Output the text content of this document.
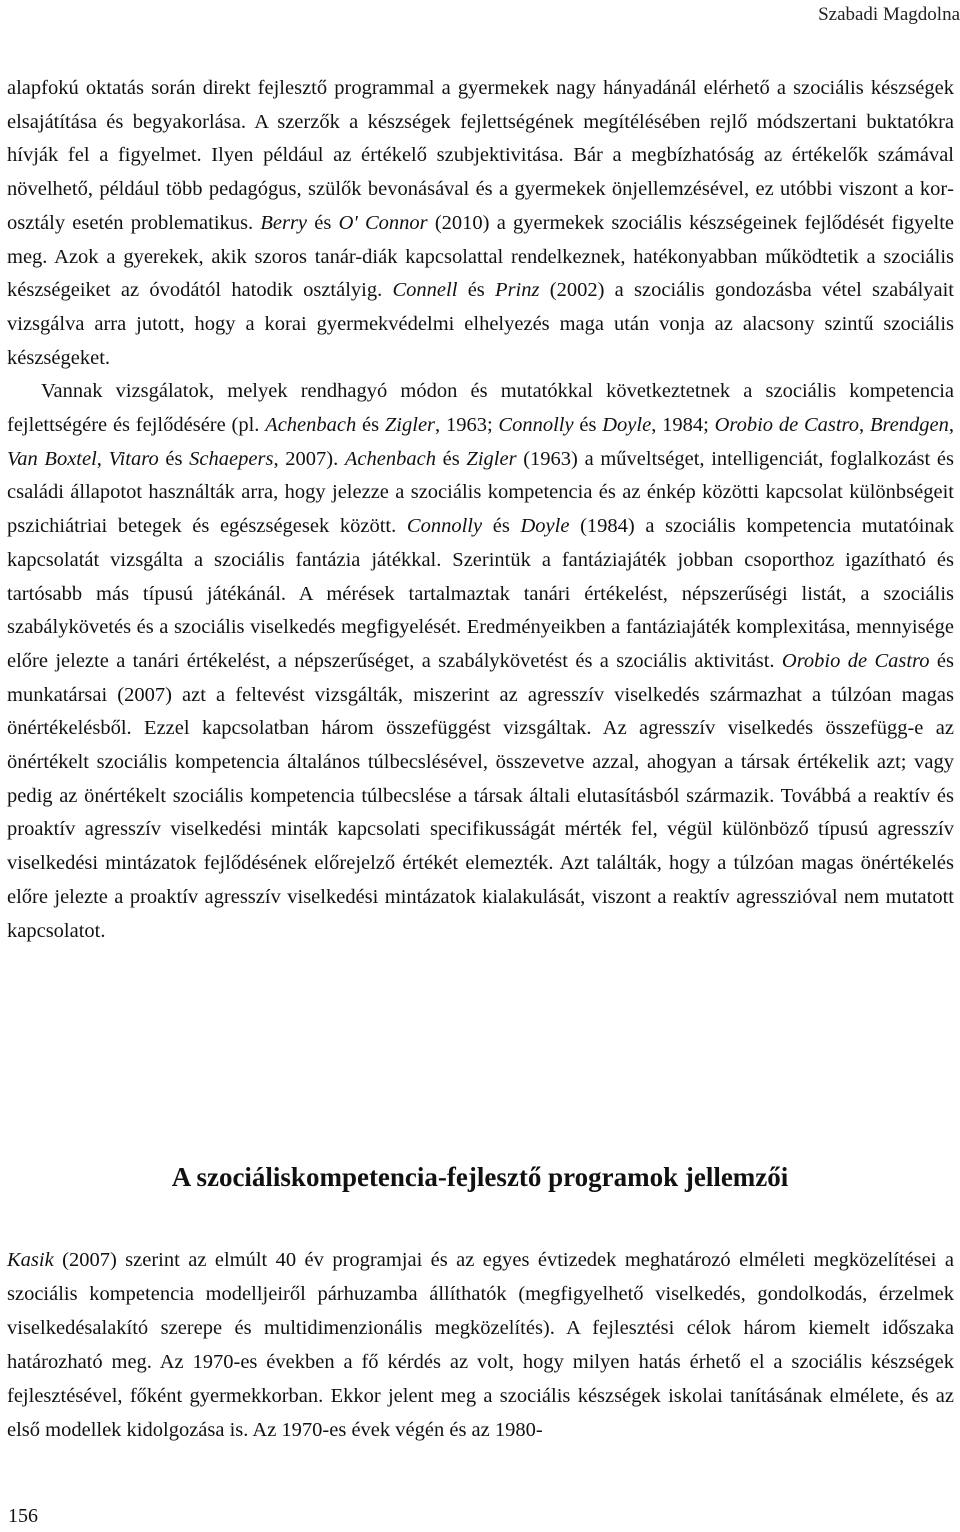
Szabadi Magdolna

alapfokú oktatás során direkt fejlesztő programmal a gyermekek nagy hányadánál elérhető a szociális készségek elsajátítása és begyakorlása. A szerzők a készségek fejlettségének megítélésében rejlő módszertani buktatókra hívják fel a figyelmet. Ilyen például az értékelő szubjektivitása. Bár a megbízhatóság az értékelők számával növelhető, például több pedagógus, szülők bevonásával és a gyermekek önjellemzésével, ez utóbbi viszont a korosztály esetén problematikus. Berry és O' Connor (2010) a gyermekek szociális készségeinek fejlődését figyelte meg. Azok a gyerekek, akik szoros tanár-diák kapcsolattal rendelkeznek, hatékonyabban működtetik a szociális készségeiket az óvodától hatodik osztályig. Connell és Prinz (2002) a szociális gondozásba vétel szabályait vizsgálva arra jutott, hogy a korai gyermekvédelmi elhelyezés maga után vonja az alacsony szintű szociális készségeket.

Vannak vizsgálatok, melyek rendhagyó módon és mutatókkal következtetnek a szociális kompetencia fejlettségére és fejlődésére (pl. Achenbach és Zigler, 1963; Connolly és Doyle, 1984; Orobio de Castro, Brendgen, Van Boxtel, Vitaro és Schaepers, 2007). Achenbach és Zigler (1963) a műveltséget, intelligenciát, foglalkozást és családi állapotot használták arra, hogy jelezze a szociális kompetencia és az énkép közötti kapcsolat különbségeit pszichiátriai betegek és egészségesek között. Connolly és Doyle (1984) a szociális kompetencia mutatóinak kapcsolatát vizsgálta a szociális fantázia játékkal. Szerintük a fantáziajáték jobban csoporthoz igazítható és tartósabb más típusú játékánál. A mérések tartalmaztak tanári értékelést, népszerűségi listát, a szociális szabálykövetés és a szociális viselkedés megfigyelését. Eredményeikben a fantáziajáték komplexitása, mennyisége előre jelezte a tanári értékelést, a népszerűséget, a szabálykövetést és a szociális aktivitást. Orobio de Castro és munkatársai (2007) azt a feltevést vizsgálták, miszerint az agresszív viselkedés származhat a túlzóan magas önértékelésből. Ezzel kapcsolatban három összefüggést vizsgáltak. Az agresszív viselkedés összefügg-e az önértékelt szociális kompetencia általános túlbecslésével, összevetve azzal, ahogyan a társak értékelik azt; vagy pedig az önértékelt szociális kompetencia túlbecslése a társak általi elutasításból származik. Továbbá a reaktív és proaktív agresszív viselkedési minták kapcsolati specifikusságát mérték fel, végül különböző típusú agresszív viselkedési mintázatok fejlődésének előrejelző értékét elemezték. Azt találták, hogy a túlzóan magas önértékelés előre jelezte a proaktív agresszív viselkedési mintázatok kialakulását, viszont a reaktív agresszióval nem mutatott kapcsolatot.

A szociáliskompetencia-fejlesztő programok jellemzői

Kasik (2007) szerint az elmúlt 40 év programjai és az egyes évtizedek meghatározó elméleti megközelítései a szociális kompetencia modelljeiről párhuzamba állíthatók (megfigyelhető viselkedés, gondolkodás, érzelmek viselkedésalakító szerepe és multidimenzionális megközelítés). A fejlesztési célok három kiemelt időszaka határozható meg. Az 1970-es években a fő kérdés az volt, hogy milyen hatás érhető el a szociális készségek fejlesztésével, főként gyermekkorban. Ekkor jelent meg a szociális készségek iskolai tanításának elmélete, és az első modellek kidolgozása is. Az 1970-es évek végén és az 1980-

156
